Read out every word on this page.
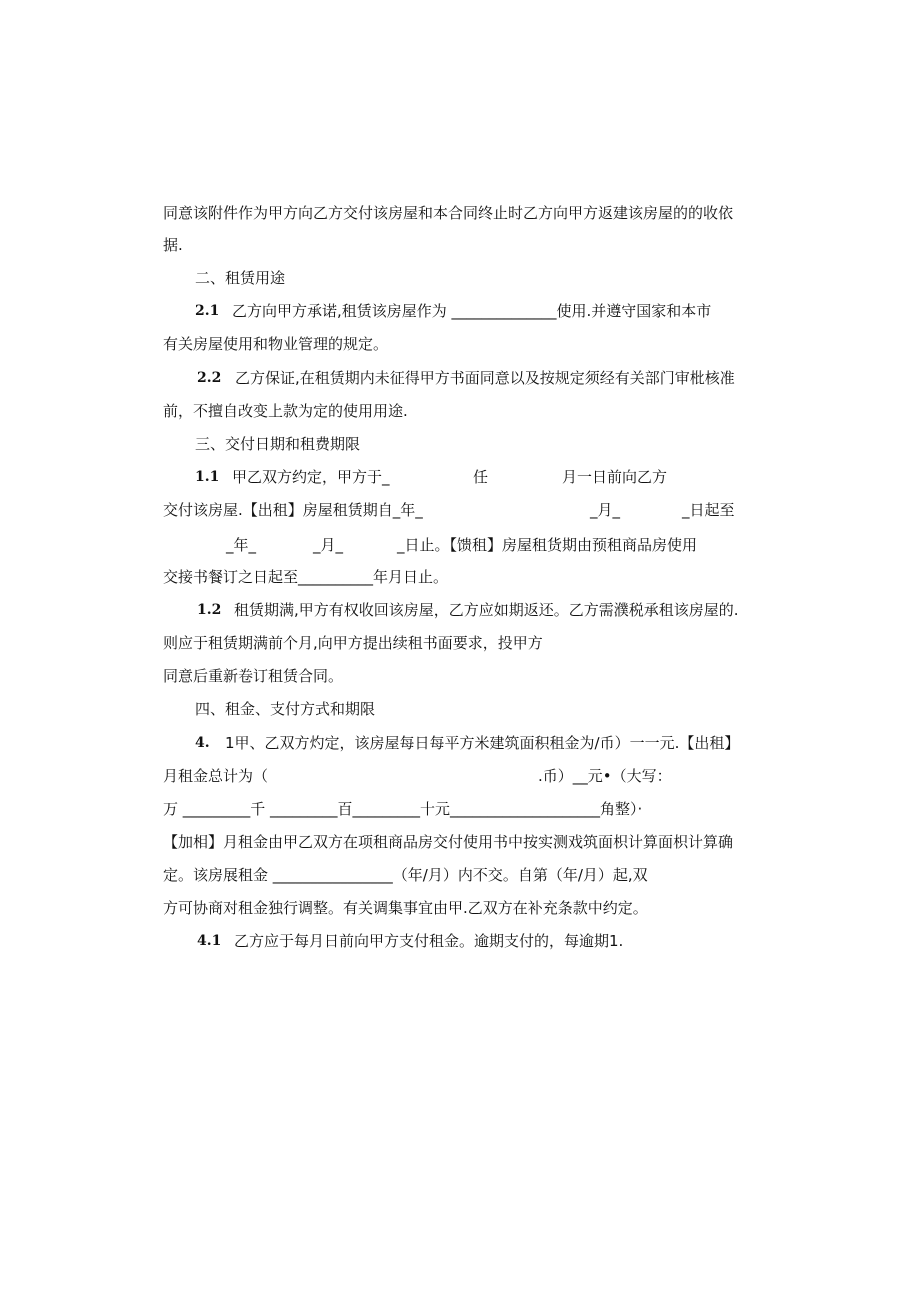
同意该附件作为甲方向乙方交付该房屋和本合同终止时乙方向甲方返建该房屋的的收依
据.
二、租赁用途
2.1 乙方向甲方承诺,租赁该房屋作为 ______________使用.并遵守国家和本市
有关房屋使用和物业管理的规定。
2.2 乙方保证,在租赁期内未征得甲方书面同意以及按规定须经有关部门审枇核准
前，不擅自改变上款为定的使用用途.
三、交付日期和租费期限
1.1 甲乙双方约定，甲方于_	任	月一日前向乙方
交付该房屋.【出租】房屋租赁期自_年_	_月_	_日起至
_年_	_月_	_日止。【馈租】房屋租货期由预租商品房使用
交接书餐订之日起至__________年月日止。
1.2 租赁期满,甲方有权收回该房屋，乙方应如期返还。乙方需濮税承租该房屋的.
则应于租赁期满前个月,向甲方提出续租书面要求，投甲方
同意后重新卷订租赁合同。
四、租金、支付方式和期限
4. 1甲、乙双方灼定，该房屋每日每平方米建筑面积租金为∕币）一一元.【出租】
月租金总计为（	.币）__元•（大写：
万 _________千 _________百_________十元____________________角整）·
【加相】月租金由甲乙双方在项租商品房交付使用书中按实测戏筑面枳计算面枳计算确
定。该房展租金 ________________（年/月）内不交。自第（年/月）起,双
方可协商对租金独行调整。有关调集事宜由甲.乙双方在补充条款中约定。
4.1 乙方应于每月日前向甲方支付租金。逾期支付的，每逾期1.
